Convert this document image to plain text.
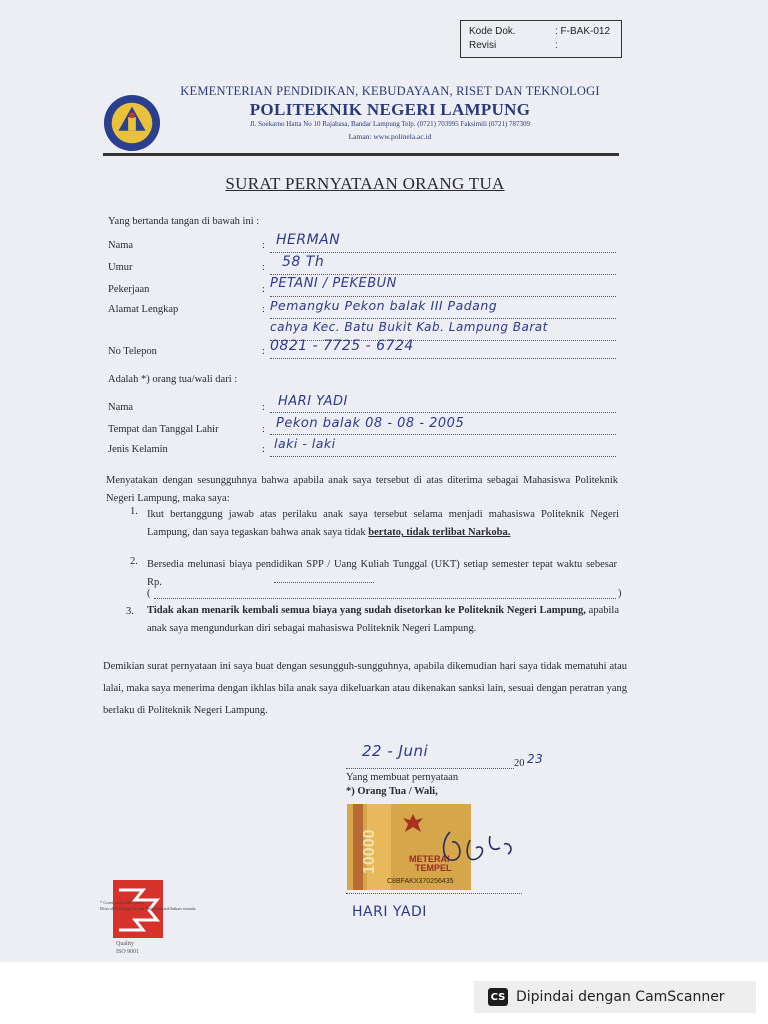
Kode Dok.	: F-BAK-012
Revisi	:
KEMENTERIAN PENDIDIKAN, KEBUDAYAAN, RISET DAN TEKNOLOGI
POLITEKNIK NEGERI LAMPUNG
Jl. Soekarno Hatta No 10 Rajabasa, Bandar Lampung Telp. (0721) 703995 Faksimili (0721) 787309
Laman: www.polinela.ac.id
SURAT PERNYATAAN ORANG TUA
Yang bertanda tangan di bawah ini :
Nama	: HERMAN
Umur	: 58 Th
Pekerjaan	: PETANI / PEKEBUN
Alamat Lengkap	: Pemangku Pekon balak III Padang
cahya Kec. Batu Bukit Kab. Lampung Barat
No Telepon	: 0821 - 7725 - 6724
Adalah *) orang tua/wali dari :
Nama	: HARI YADI
Tempat dan Tanggal Lahir	: Pekon balak 08 - 08 - 2005
Jenis Kelamin	: laki - laki
Menyatakan dengan sesungguhnya bahwa apabila anak saya tersebut di atas diterima sebagai Mahasiswa Politeknik Negeri Lampung, maka saya:
1. Ikut bertanggung jawab atas perilaku anak saya tersebut selama menjadi mahasiswa Politeknik Negeri Lampung, dan saya tegaskan bahwa anak saya tidak bertato, tidak terlibat Narkoba.
2. Bersedia melunasi biaya pendidikan SPP / Uang Kuliah Tunggal (UKT) setiap semester tepat waktu sebesar Rp.
(	)
3. Tidak akan menarik kembali semua biaya yang sudah disetorkan ke Politeknik Negeri Lampung, apabila anak saya mengundurkan diri sebagai mahasiswa Politeknik Negeri Lampung.
Demikian surat pernyataan ini saya buat dengan sesungguh-sungguhnya, apabila dikemudian hari saya tidak mematuhi atau lalai, maka saya menerima dengan ikhlas bila anak saya dikeluarkan atau dikenakan sanksi lain, sesuai dengan peratran yang berlaku di Politeknik Negeri Lampung.
22 - Juni
20 23
Yang membuat pernyataan
*) Orang Tua / Wali,
10000	METERAI
TEMPEL
C8BFAKX370256435
HARI YADI
* Coret yang tidak perlu
Diisi oleh Orang tua dan Representatif/bukan wisuda
Quality
ISO 9001
CS Dipindai dengan CamScanner
